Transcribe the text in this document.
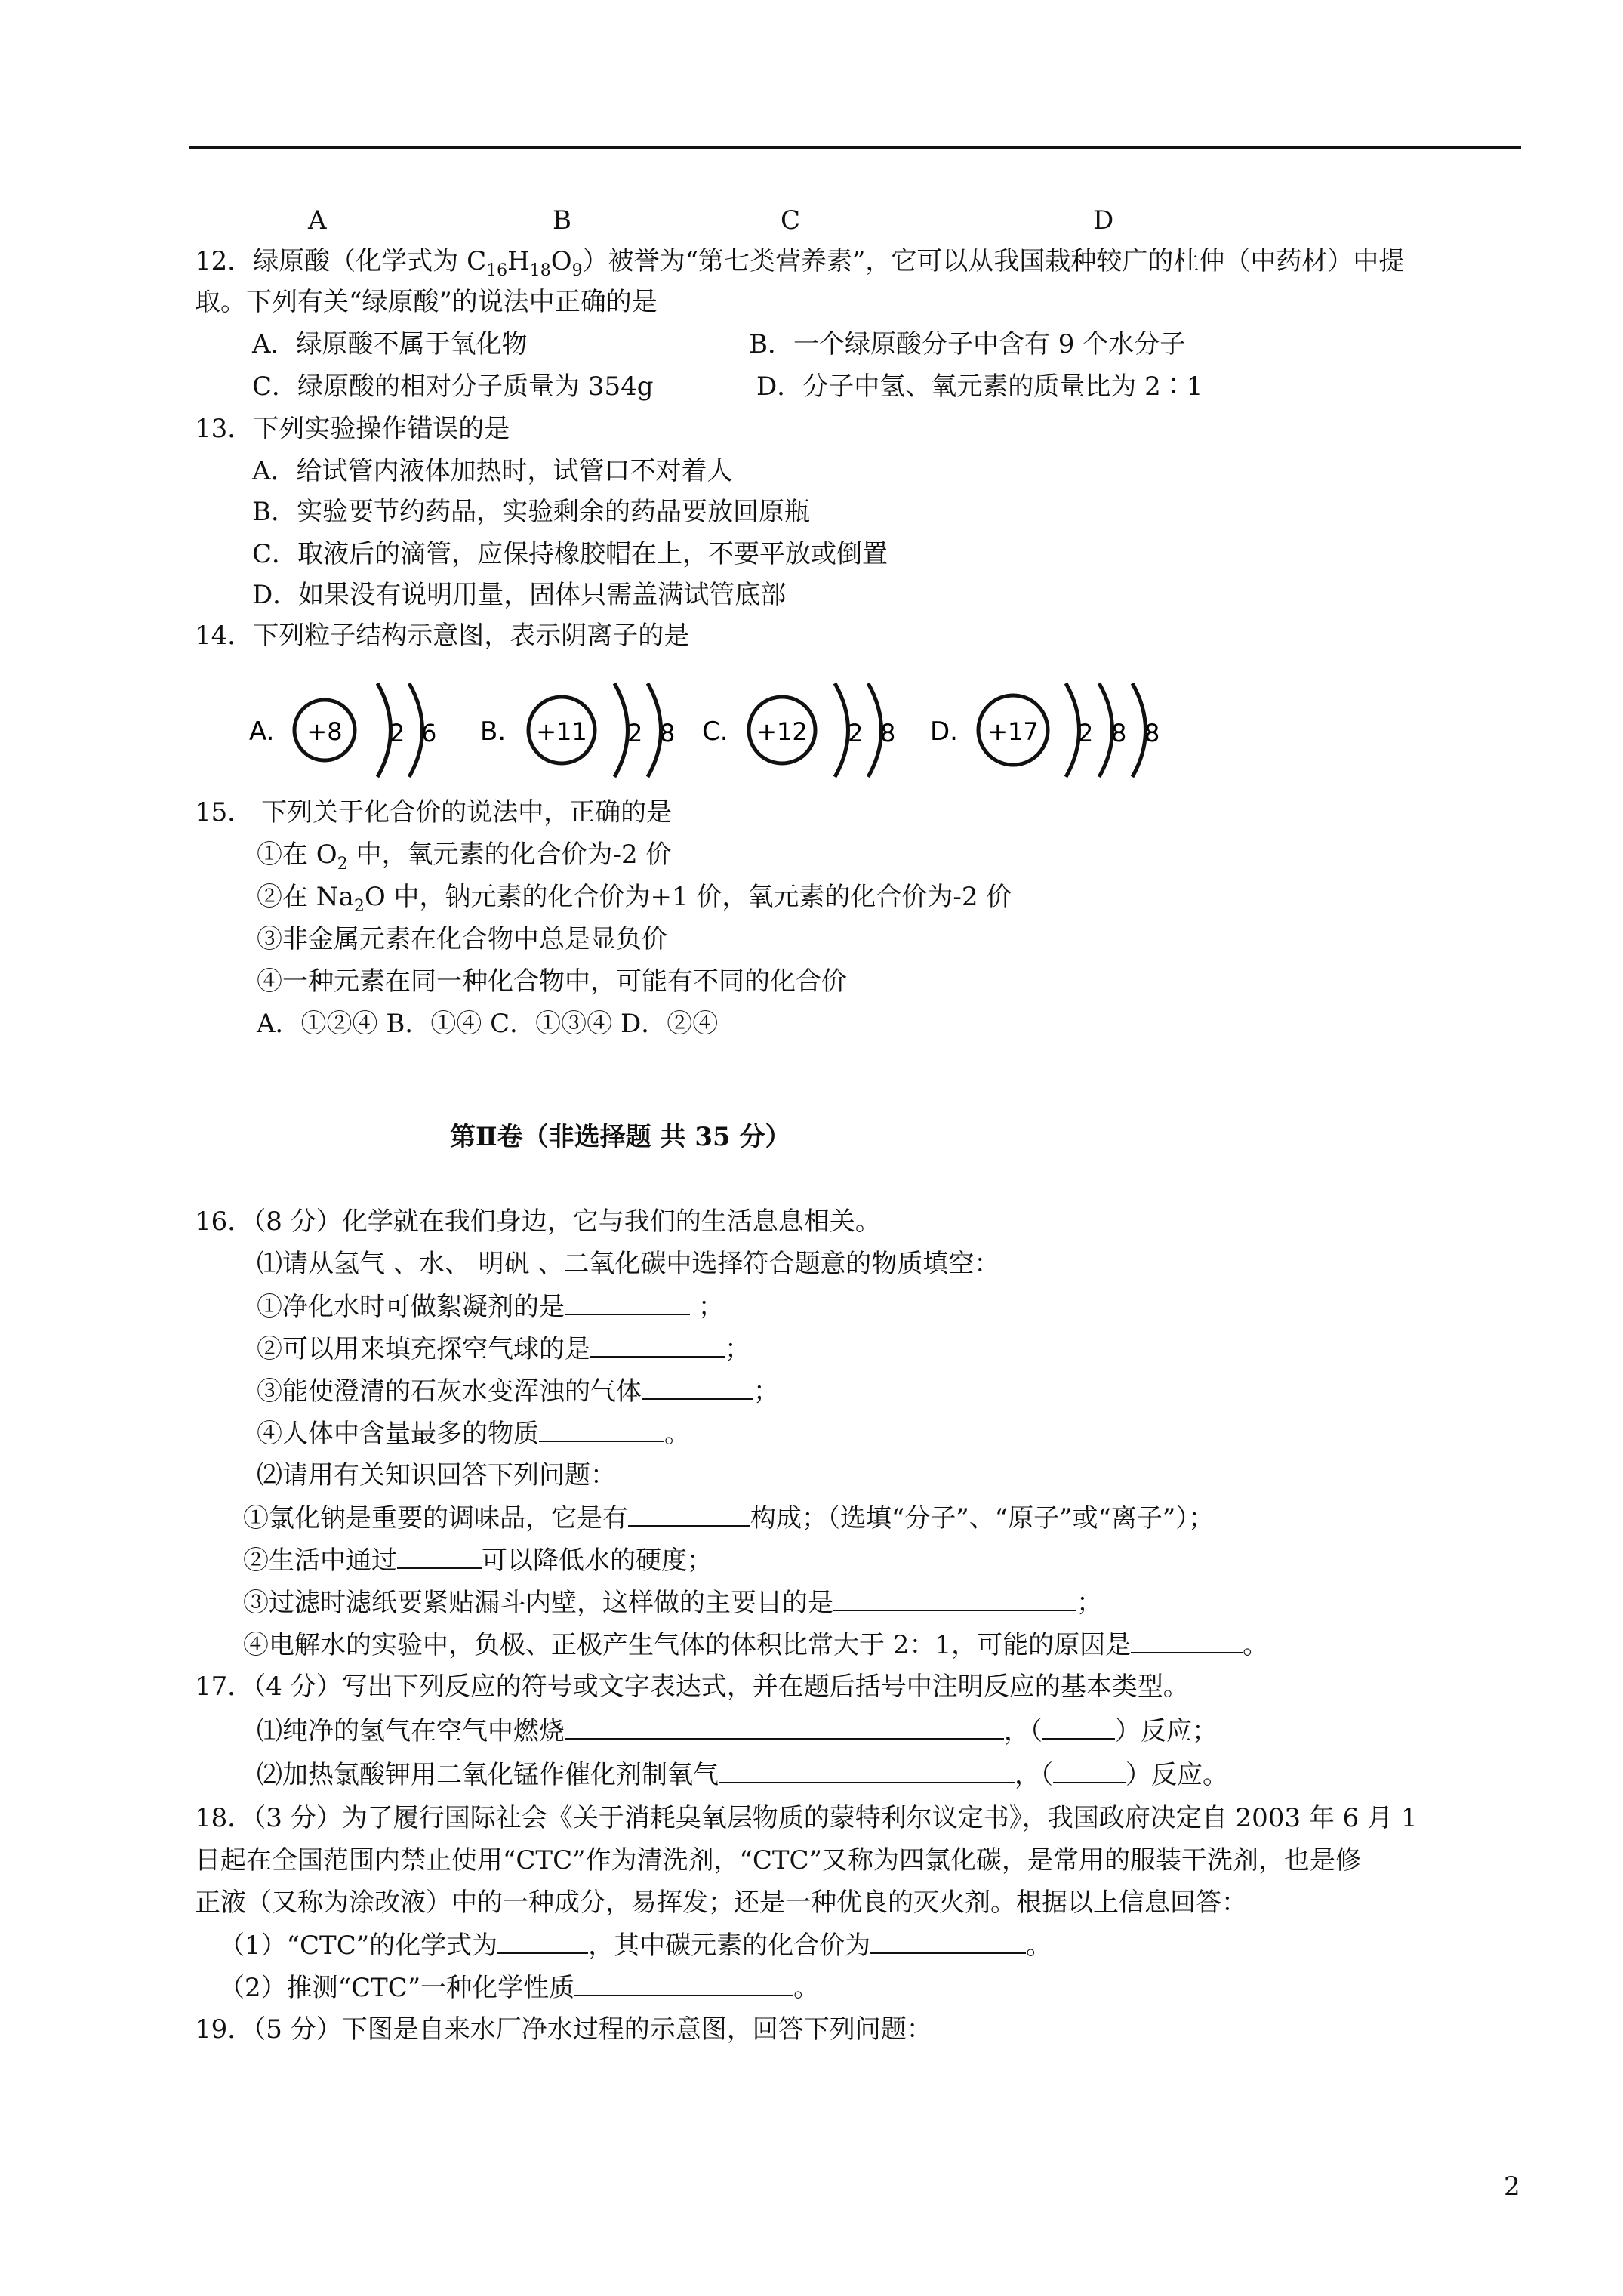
A	B	C	D
12．绿原酸（化学式为 $C_{16}H_{18}O_9$）被誉为“第七类营养素”，它可以从我国栽种较广的杜仲（中药材）中提
取。下列有关“绿原酸”的说法中正确的是
A．绿原酸不属于氧化物	B．一个绿原酸分子中含有 9 个水分子
C．绿原酸的相对分子质量为 354g	D．分子中氢、氧元素的质量比为 2∶1
13．下列实验操作错误的是
A．给试管内液体加热时，试管口不对着人
B．实验要节约药品，实验剩余的药品要放回原瓶
C．取液后的滴管，应保持橡胶帽在上，不要平放或倒置
D．如果没有说明用量，固体只需盖满试管底部
14．下列粒子结构示意图，表示阴离子的是
A. +8 2 6 B. +11 2 8 C. +12 2 8 D. +17 2 8 8
15． 下列关于化合价的说法中，正确的是
①在 $O_2$ 中，氧元素的化合价为-2 价
②在 $Na_2O$ 中，钠元素的化合价为+1 价，氧元素的化合价为-2 价
③非金属元素在化合物中总是显负价
④一种元素在同一种化合物中，可能有不同的化合价
A．①②④ B．①④ C．①③④ D．②④
第Ⅱ卷（非选择题 共 35 分）
16．（8 分）化学就在我们身边，它与我们的生活息息相关。
⑴请从氢气 、水、 明矾 、二氧化碳中选择符合题意的物质填空：
①净化水时可做絮凝剂的是	；
②可以用来填充探空气球的是	；
③能使澄清的石灰水变浑浊的气体	；
④人体中含量最多的物质	。
⑵请用有关知识回答下列问题：
①氯化钠是重要的调味品，它是有	构成；（选填“分子”、“原子”或“离子”）；
②生活中通过	可以降低水的硬度；
③过滤时滤纸要紧贴漏斗内壁，这样做的主要目的是	；
④电解水的实验中，负极、正极产生气体的体积比常大于 2：1，可能的原因是	。
17．（4 分）写出下列反应的符号或文字表达式，并在题后括号中注明反应的基本类型。
⑴纯净的氢气在空气中燃烧	，（	）反应；
⑵加热氯酸钾用二氧化锰作催化剂制氧气	，（	）反应。
18．（3 分）为了履行国际社会《关于消耗臭氧层物质的蒙特利尔议定书》，我国政府决定自 2003 年 6 月 1
日起在全国范围内禁止使用“CTC”作为清洗剂，“CTC”又称为四氯化碳，是常用的服装干洗剂，也是修
正液（又称为涂改液）中的一种成分，易挥发；还是一种优良的灭火剂。根据以上信息回答：
（1）“CTC”的化学式为	，其中碳元素的化合价为	。
（2）推测“CTC”一种化学性质	。
19．（5 分）下图是自来水厂净水过程的示意图，回答下列问题：
2
